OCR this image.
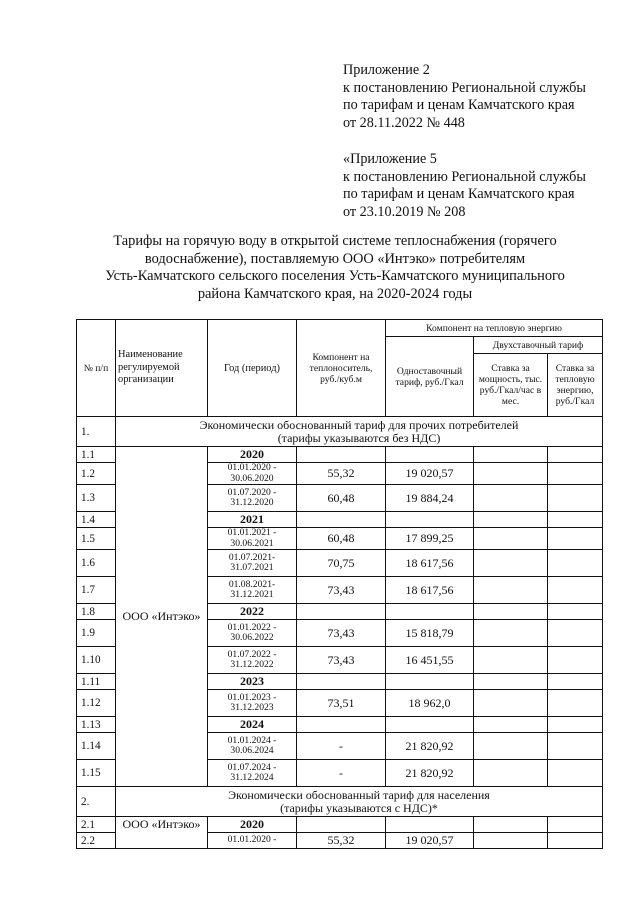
Приложение 2
к постановлению Региональной службы
по тарифам и ценам Камчатского края
от 28.11.2022 № 448
«Приложение 5
к постановлению Региональной службы
по тарифам и ценам Камчатского края
от 23.10.2019 № 208
Тарифы на горячую воду в открытой системе теплоснабжения (горячего
водоснабжение), поставляемую ООО «Интэко» потребителям
Усть-Камчатского сельского поселения Усть-Камчатского муниципального
района Камчатского края, на 2020-2024 годы
№ п/п	Наименование регулируемой организации	Год (период)	Компонент на теплоноситель, руб./куб.м	Компонент на тепловую энергию		
				Одноставочный тариф, руб./Гкал	Двухставочный тариф	
					Ставка за мощность, тыс. руб./Гкал/час в мес.	Ставка за тепловую энергию, руб./Гкал
1.	Экономически обоснованный тариф для прочих потребителей
(тарифы указываются без НДС)					

1.1	ООО «Интэко»	2020				
1.2		01.01.2020 -
30.06.2020	55,32	19 020,57		
1.3		01.07.2020 -
31.12.2020	60,48	19 884,24		
1.4		2021				
1.5		01.01.2021 -
30.06.2021	60,48	17 899,25		
1.6		01.07.2021-
31.07.2021	70,75	18 617,56		
1.7		01.08.2021-
31.12.2021	73,43	18 617,56		
1.8		2022				
1.9		01.01.2022 -
30.06.2022	73,43	15 818,79		
1.10		01.07.2022 -
31.12.2022	73,43	16 451,55		
1.11		2023				
1.12		01.01.2023 -
31.12.2023	73,51	18 962,0		
1.13		2024				
1.14		01.01.2024 -
30.06.2024	-	21 820,92		
1.15		01.07.2024 -
31.12.2024	-	21 820,92		
2.	Экономически обоснованный тариф для населения
(тарифы указываются с НДС)*					

2.1	ООО «Интэко»	2020				
2.2		01.01.2020 -	55,32	19 020,57		
